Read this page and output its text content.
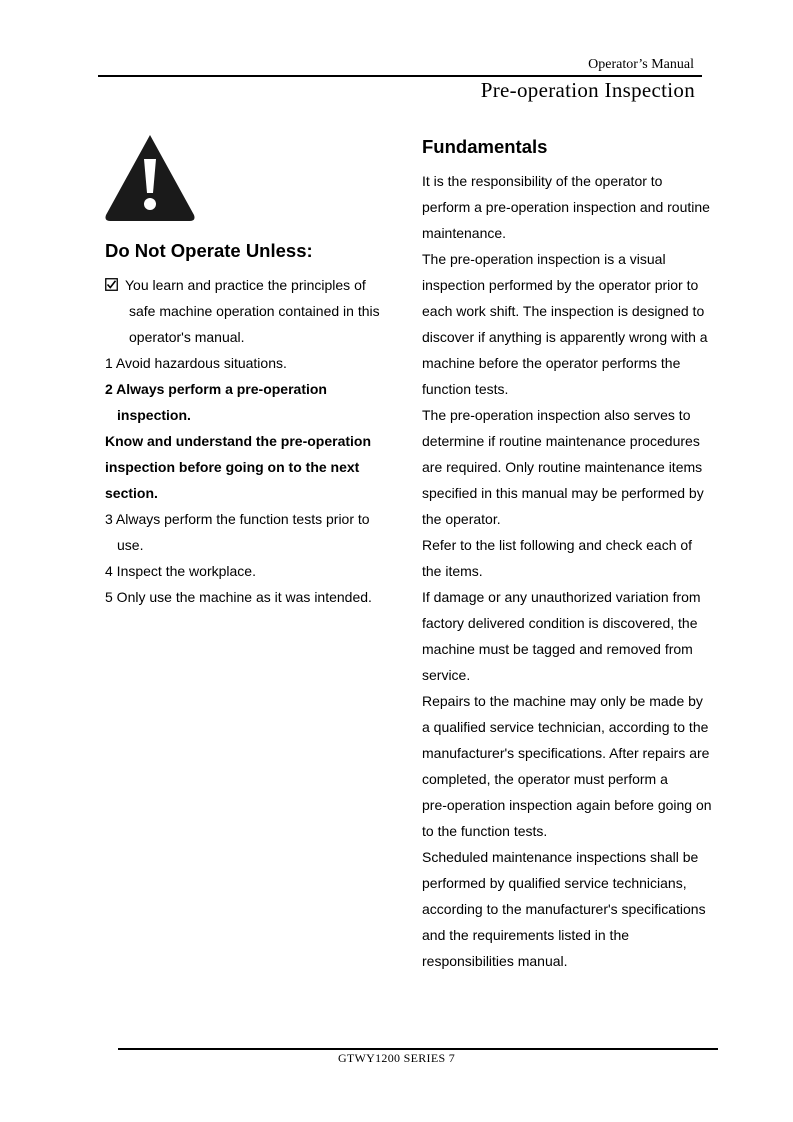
Operator’s Manual
Pre-operation Inspection
Do Not Operate Unless:
You learn and practice the principles of
safe machine operation contained in this
operator's manual.
1 Avoid hazardous situations.
2 Always perform a pre-operation
inspection.
Know and understand the pre-operation
inspection before going on to the next
section.
3 Always perform the function tests prior to
use.
4 Inspect the workplace.
5 Only use the machine as it was intended.
Fundamentals
It is the responsibility of the operator to
perform a pre-operation inspection and routine
maintenance.
The pre-operation inspection is a visual
inspection performed by the operator prior to
each work shift. The inspection is designed to
discover if anything is apparently wrong with a
machine before the operator performs the
function tests.
The pre-operation inspection also serves to
determine if routine maintenance procedures
are required. Only routine maintenance items
specified in this manual may be performed by
the operator.
Refer to the list following and check each of
the items.
If damage or any unauthorized variation from
factory delivered condition is discovered, the
machine must be tagged and removed from
service.
Repairs to the machine may only be made by
a qualified service technician, according to the
manufacturer's specifications. After repairs are
completed, the operator must perform a
pre-operation inspection again before going on
to the function tests.
Scheduled maintenance inspections shall be
performed by qualified service technicians,
according to the manufacturer's specifications
and the requirements listed in the
responsibilities manual.
GTWY1200 SERIES 7
